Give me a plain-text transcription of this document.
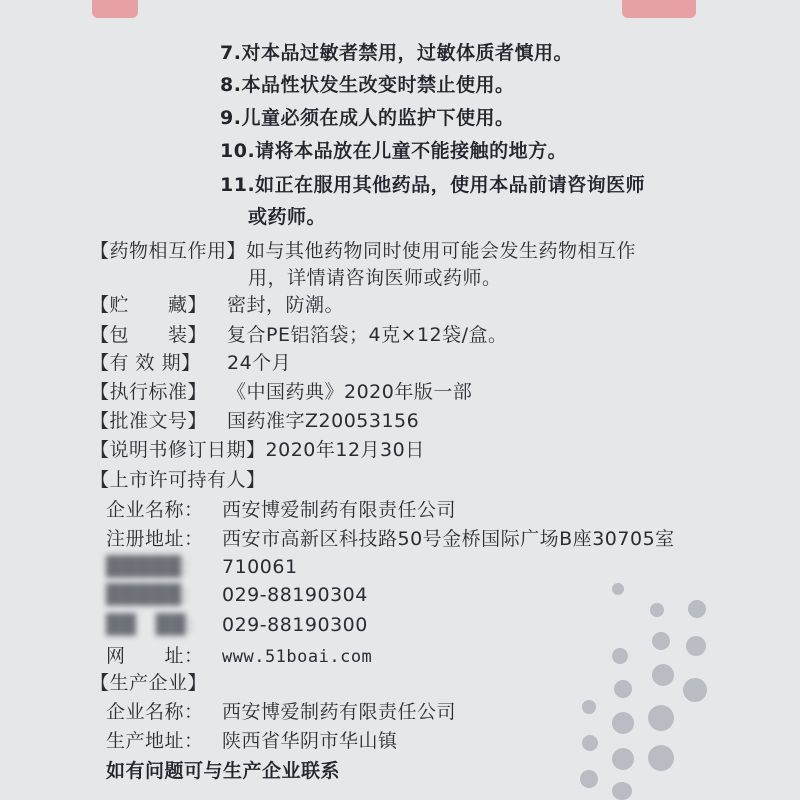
7.对本品过敏者禁用，过敏体质者慎用。
8.本品性状发生改变时禁止使用。
9.儿童必须在成人的监护下使用。
10.请将本品放在儿童不能接触的地方。
11.如正在服用其他药品，使用本品前请咨询医师
或药师。
【药物相互作用】如与其他药物同时使用可能会发生药物相互作
用，详情请咨询医师或药师。
【贮　　藏】 密封，防潮。
【包　　装】 复合PE铝箔袋；4克×12袋/盒。
【有 效 期】 24个月
【执行标准】 《中国药典》2020年版一部
【批准文号】 国药准字Z20053156
【说明书修订日期】2020年12月30日
【上市许可持有人】
企业名称： 西安博爱制药有限责任公司
注册地址： 西安市高新区科技路50号金桥国际广场B座30705室
█████： 710061
█████： 029-88190304
██　██： 029-88190300
网　　址： www.51boai.com
【生产企业】
企业名称： 西安博爱制药有限责任公司
生产地址： 陕西省华阴市华山镇
如有问题可与生产企业联系
